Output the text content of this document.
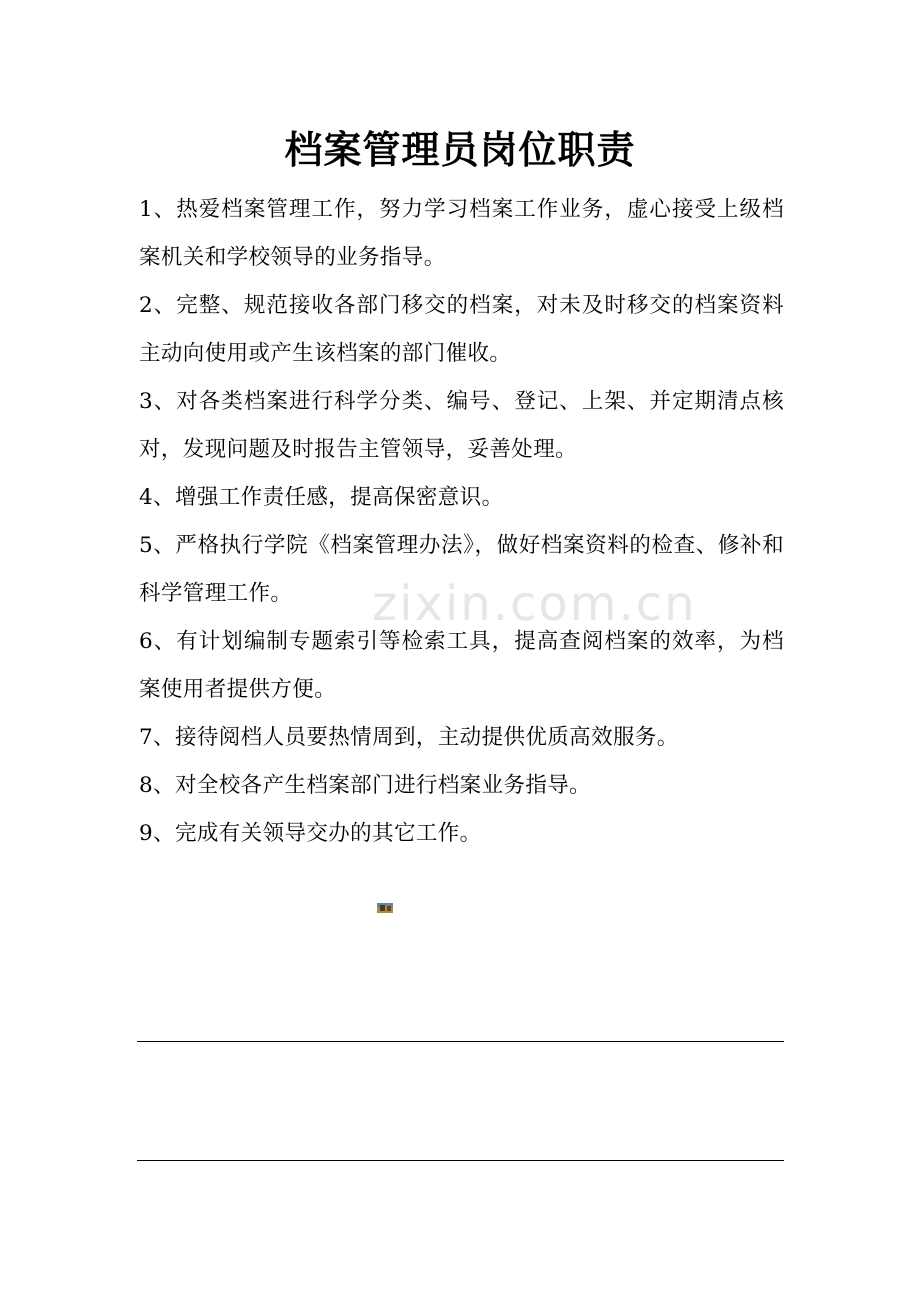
zixin.com.cn
档案管理员岗位职责
1、热爱档案管理工作，努力学习档案工作业务，虚心接受上级档案机关和学校领导的业务指导。
2、完整、规范接收各部门移交的档案，对未及时移交的档案资料主动向使用或产生该档案的部门催收。
3、对各类档案进行科学分类、编号、登记、上架、并定期清点核对，发现问题及时报告主管领导，妥善处理。
4、增强工作责任感，提高保密意识。
5、严格执行学院《档案管理办法》，做好档案资料的检查、修补和科学管理工作。
6、有计划编制专题索引等检索工具，提高查阅档案的效率，为档案使用者提供方便。
7、接待阅档人员要热情周到，主动提供优质高效服务。
8、对全校各产生档案部门进行档案业务指导。
9、完成有关领导交办的其它工作。
